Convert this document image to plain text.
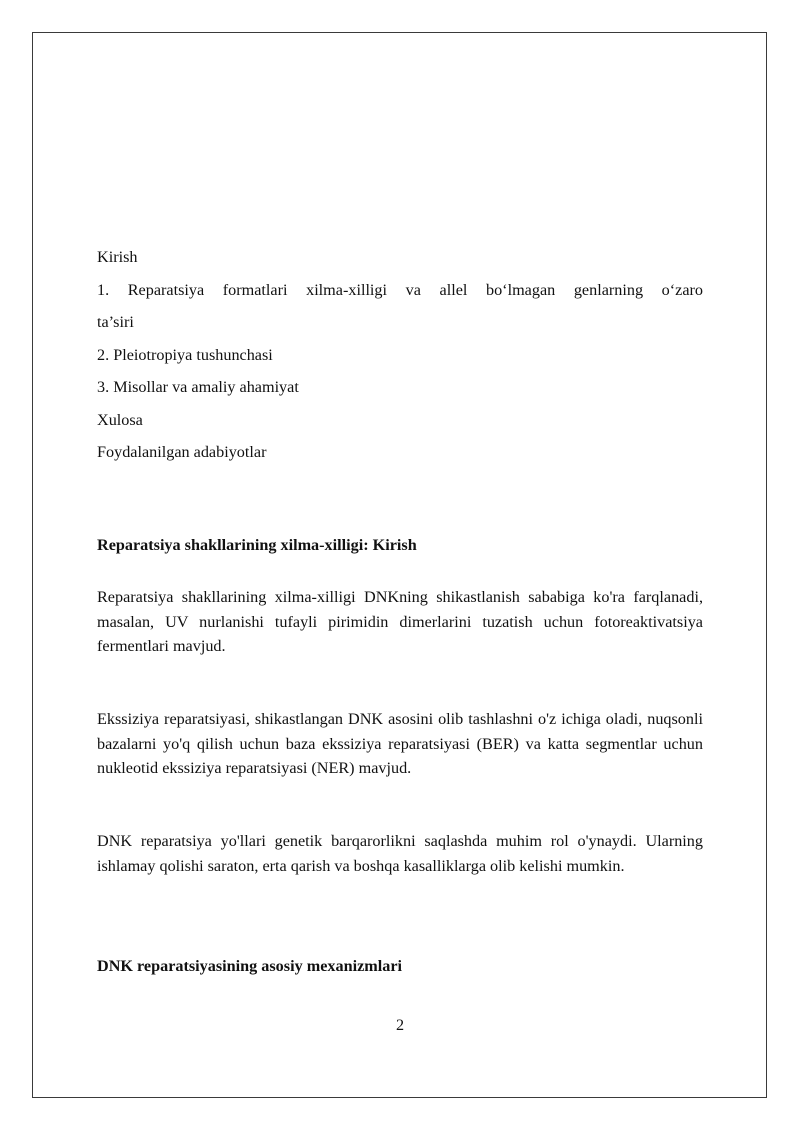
Kirish
1. Reparatsiya formatlari xilma-xilligi va allel bo‘lmagan genlarning o‘zaro
ta’siri
2. Pleiotropiya tushunchasi
3. Misollar va amaliy ahamiyat
Xulosa
Foydalanilgan adabiyotlar
Reparatsiya shakllarining xilma-xilligi: Kirish

Reparatsiya shakllarining xilma-xilligi DNKning shikastlanish sababiga ko'ra farqlanadi, masalan, UV nurlanishi tufayli pirimidin dimerlarini tuzatish uchun fotoreaktivatsiya fermentlari mavjud.

Ekssiziya reparatsiyasi, shikastlangan DNK asosini olib tashlashni o'z ichiga oladi, nuqsonli bazalarni yo'q qilish uchun baza ekssiziya reparatsiyasi (BER) va katta segmentlar uchun nukleotid ekssiziya reparatsiyasi (NER) mavjud.

DNK reparatsiya yo'llari genetik barqarorlikni saqlashda muhim rol o'ynaydi. Ularning ishlamay qolishi saraton, erta qarish va boshqa kasalliklarga olib kelishi mumkin.

DNK reparatsiyasining asosiy mexanizmlari
2
